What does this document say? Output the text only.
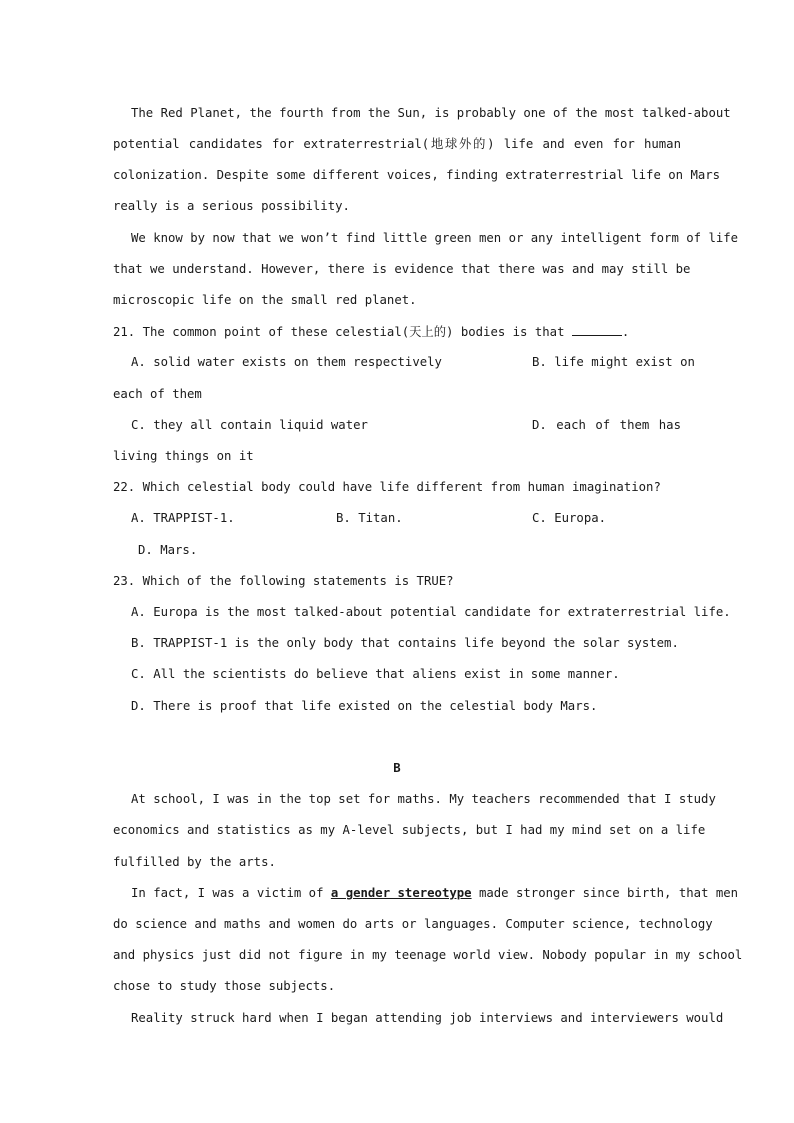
The Red Planet, the fourth from the Sun, is probably one of the most talked-about
potential candidates for extraterrestrial(地球外的) life and even for human
colonization. Despite some different voices, finding extraterrestrial life on Mars
really is a serious possibility.
We know by now that we won’t find little green men or any intelligent form of life
that we understand. However, there is evidence that there was and may still be
microscopic life on the small red planet.
21. The common point of these celestial(天上的) bodies is that	.
A. solid water exists on them respectively	B. life might exist on
each of them
C. they all contain liquid water	D. each of them has
living things on it
22. Which celestial body could have life different from human imagination?
A. TRAPPIST-1.	B. Titan.	C. Europa.
D. Mars.
23. Which of the following statements is TRUE?
A. Europa is the most talked-about potential candidate for extraterrestrial life.
B. TRAPPIST-1 is the only body that contains life beyond the solar system.
C. All the scientists do believe that aliens exist in some manner.
D. There is proof that life existed on the celestial body Mars.
B
At school, I was in the top set for maths. My teachers recommended that I study
economics and statistics as my A-level subjects, but I had my mind set on a life
fulfilled by the arts.
In fact, I was a victim of a gender stereotype made stronger since birth, that men
do science and maths and women do arts or languages. Computer science, technology
and physics just did not figure in my teenage world view. Nobody popular in my school
chose to study those subjects.
Reality struck hard when I began attending job interviews and interviewers would
